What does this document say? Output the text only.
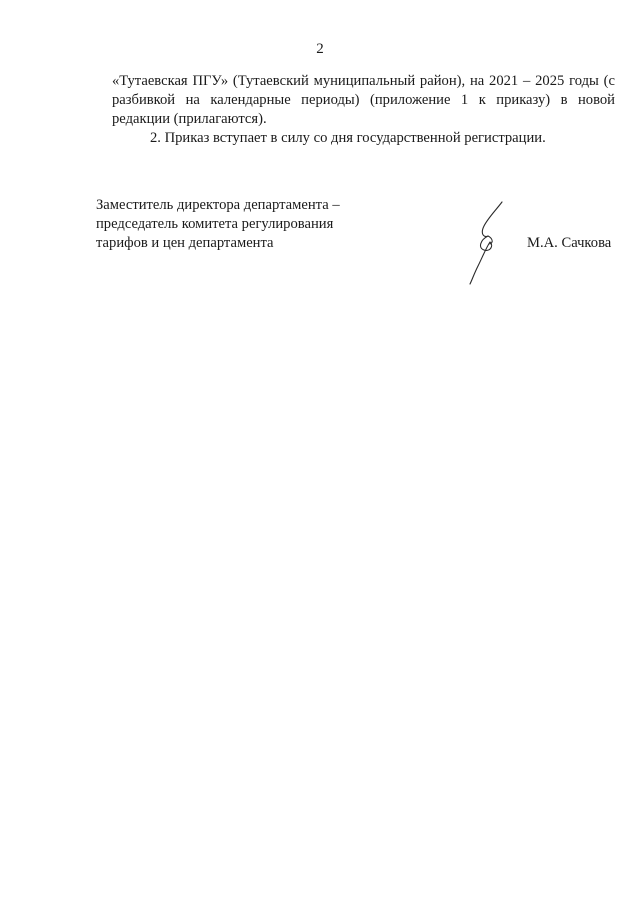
2

«Тутаевская ПГУ» (Тутаевский муниципальный район), на 2021 – 2025 годы (с разбивкой на календарные периоды) (приложение 1 к приказу) в новой редакции (прилагаются).

2. Приказ вступает в силу со дня государственной регистрации.

Заместитель директора департамента –
председатель комитета регулирования
тарифов и цен департамента	М.А. Сачкова
